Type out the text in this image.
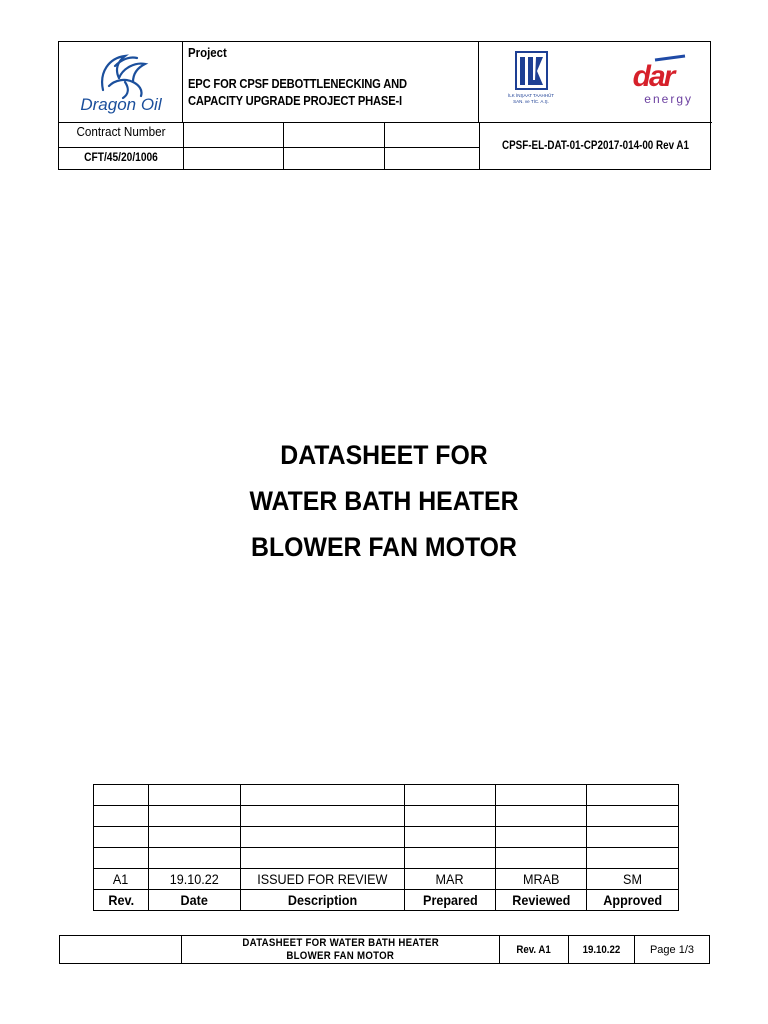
Dragon Oil
Project
EPC FOR CPSF DEBOTTLENECKING AND
CAPACITY UPGRADE PROJECT PHASE-I	İLK İNŞAAT TAAHHÜT
SAN. ve TİC. A.Ş.
dar
energy
Contract Number
CFT/45/20/1006
CPSF-EL-DAT-01-CP2017-014-00 Rev A1
DATASHEET FOR
WATER BATH HEATER
BLOWER FAN MOTOR

A1	19.10.22	ISSUED FOR REVIEW	MAR	MRAB	SM
Rev.	Date	Description	Prepared	Reviewed	Approved
	DATASHEET FOR WATER BATH HEATER
BLOWER FAN MOTOR	Rev. A1	19.10.22	Page 1/3
